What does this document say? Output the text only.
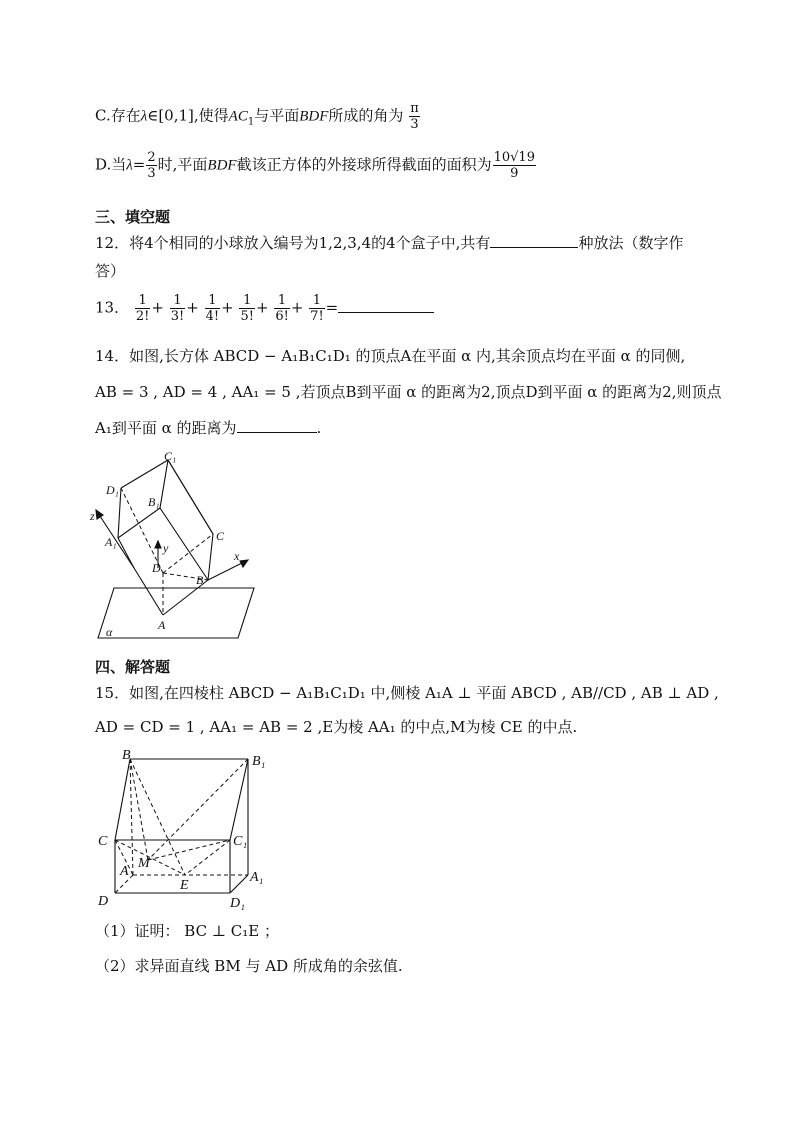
C.存在λ∈[0,1],使得$AC_1$与平面BDF所成的角为 $\frac{\pi}{3}$
D.当$\lambda= \frac{2}{3}$ 时,平面BDF截该正方体的外接球所得截面的面积为 $\frac{10√19}{9}$
三、填空题
12．将4个相同的小球放入编号为1,2,3,4的4个盒子中,共有	种放法（数字作
答）
13． $\frac{1}{2!} + \frac{1}{3!} + \frac{1}{4!} + \frac{1}{5!} + \frac{1}{6!} + \frac{1}{7!}$ =
14．如图,长方体 ABCD − A₁B₁C₁D₁ 的顶点A在平面 α 内,其余顶点均在平面 α 的同侧,
AB = 3 , AD = 4 , AA₁ = 5 ,若顶点B到平面 α 的距离为2,顶点D到平面 α 的距离为2,则顶点
A₁到平面 α 的距离为	.
C₁
D₁
B₁
z
A₁	C
y
D
x
B
A
α
四、解答题
15．如图,在四棱柱 ABCD − A₁B₁C₁D₁ 中,侧棱 A₁A ⊥ 平面 ABCD , AB//CD , AB ⊥ AD ,
AD = CD = 1 , AA₁ = AB = 2 ,E为棱 AA₁ 的中点,M为棱 CE 的中点.
B	B₁
C	C₁
M
A	A₁
E
D	D₁
（1）证明： BC ⊥ C₁E ；
（2）求异面直线 BM 与 AD 所成角的余弦值.
